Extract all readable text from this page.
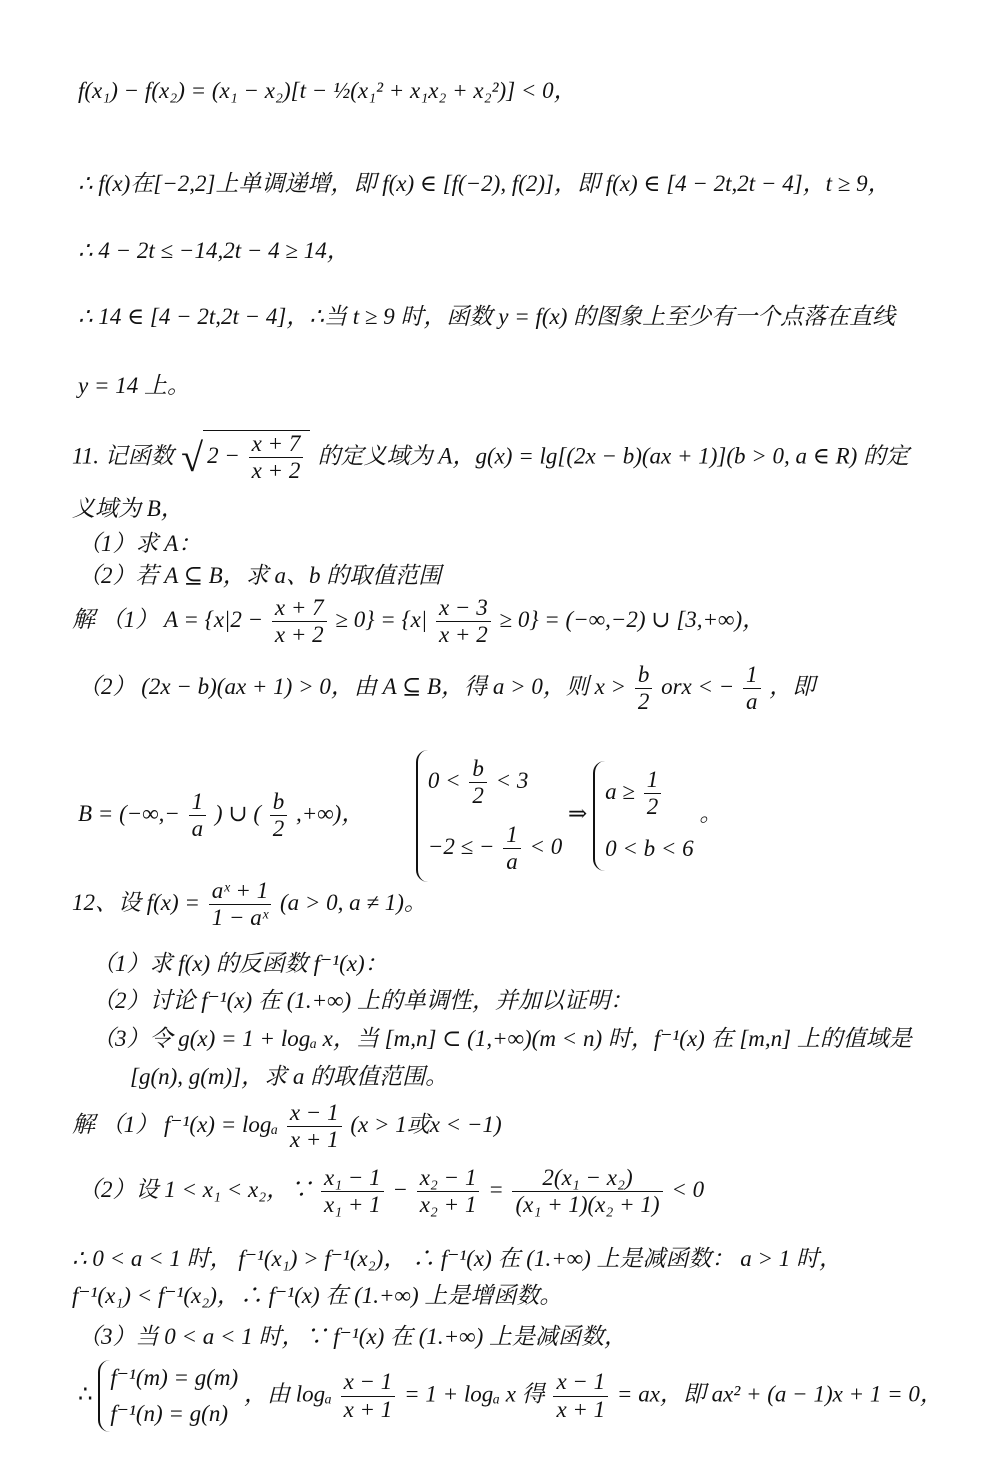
f(x₁) − f(x₂) = (x₁ − x₂)[t − ½(x₁² + x₁x₂ + x₂²)] < 0，
∴ f(x)在[−2,2]上单调递增，即 f(x) ∈ [f(−2), f(2)]，即 f(x) ∈ [4 − 2t,2t − 4]，t ≥ 9，
∴ 4 − 2t ≤ −14,2t − 4 ≥ 14，
∴ 14 ∈ [4 − 2t,2t − 4]，∴当 t ≥ 9 时，函数 y = f(x) 的图象上至少有一个点落在直线
y = 14 上。
11. 记函数 √ $2 - \frac{x + 7}{x + 2}$ 的定义域为 A，g(x) = lg[(2x − b)(ax + 1)](b > 0, a ∈ R) 的定
义域为 B，
（1）求 A：
（2）若 A ⊆ B，求 a、b 的取值范围
解 （1） $A = \{x|2 - \frac{x + 7}{x + 2} \ge 0\} = \{x| \frac{x - 3}{x + 2} \ge 0\} = (-\infty,-2)$ ∪ [3,+∞)，
（2） (2x − b)(ax + 1) > 0，由 A ⊆ B，得 a > 0，则 $x > \frac{b}{2}$ orx < − $\frac{1}{a}$ ，即
B = (−∞,− $\frac{1}{a}$ ) ∪ ( $\frac{b}{2}$ ,+∞)，
$0 < \frac{b}{2} < 3$
−2 ≤ − $\frac{1}{a} < 0$
⇒
$a \ge \frac{1}{2}$
0 < b < 6
。
12、设 $f(x) = \frac{\text{aˣ + 1}}{\text{1 − aˣ}} (a > 0$, a ≠ 1)。
（1）求 f(x) 的反函数 f⁻¹(x)：
（2）讨论 f⁻¹(x) 在 (1.+∞) 上的单调性，并加以证明：
（3）令 g(x) = 1 + logₐ x，当 [m,n] ⊂ (1,+∞)(m < n) 时，f⁻¹(x) 在 [m,n] 上的值域是
[g(n), g(m)]，求 a 的取值范围。
解 （1） f⁻¹(x) = logₐ $\frac{x - 1}{x + 1} (x > 1$或x < −1)
（2）设 1 < x₁ < x₂，∵ $\frac{\text{x₁ − 1}}{\text{x₁ + 1}} - \frac{\text{x₂ − 1}}{\text{x₂ + 1}} = \frac{\text{2(x₁ − x₂)}}{\text{(x₁ + 1)(x₂ + 1)}} < 0$
∴ 0 < a < 1 时， f⁻¹(x₁) > f⁻¹(x₂)， ∴ f⁻¹(x) 在 (1.+∞) 上是减函数： a > 1 时，
f⁻¹(x₁) < f⁻¹(x₂)，∴ f⁻¹(x) 在 (1.+∞) 上是增函数。
（3）当 0 < a < 1 时，∵ f⁻¹(x) 在 (1.+∞) 上是减函数，
∴
f⁻¹(m) = g(m)
f⁻¹(n) = g(n)
，由 logₐ $\frac{x - 1}{x + 1} = 1 + \log_a$ x 得 $\frac{x - 1}{x + 1}$ = ax，即 ax² + (a − 1)x + 1 = 0，
